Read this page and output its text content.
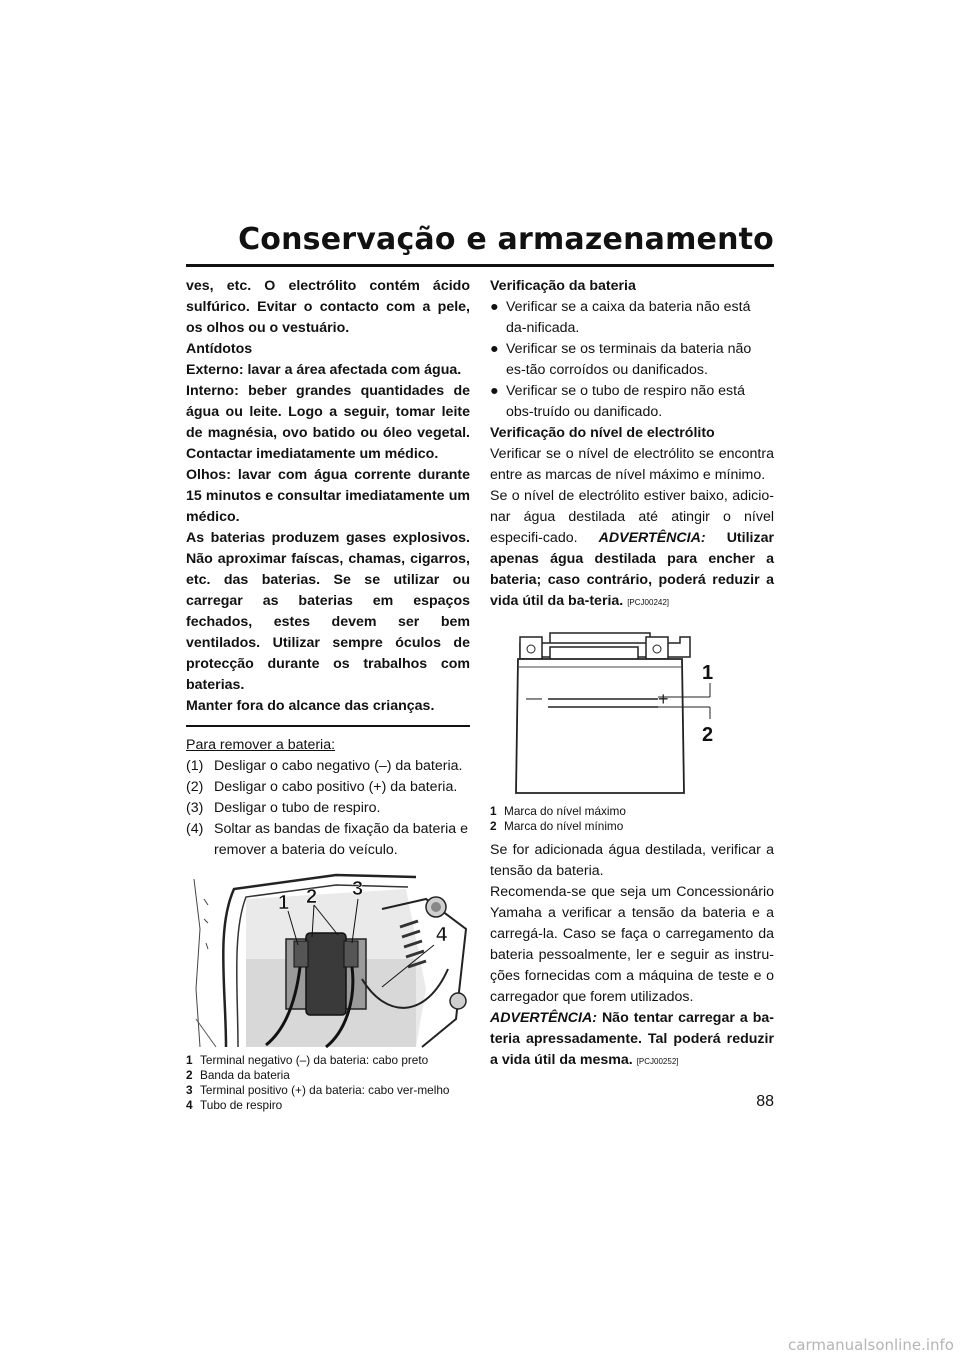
Conservação e armazenamento
88

ves, etc. O electrólito contém ácido sulfúrico. Evitar o contacto com a pele, os olhos ou o vestuário.

Antídotos

Externo: lavar a área afectada com água.

Interno: beber grandes quantidades de água ou leite. Logo a seguir, tomar leite de magnésia, ovo batido ou óleo vegetal. Contactar imediatamente um médico.

Olhos: lavar com água corrente durante 15 minutos e consultar imediatamente um médico.

As baterias produzem gases explosivos. Não aproximar faíscas, chamas, cigarros, etc. das baterias. Se se utilizar ou carregar as baterias em espaços fechados, estes devem ser bem ventilados. Utilizar sempre óculos de protecção durante os trabalhos com baterias.

Manter fora do alcance das crianças.

Para remover a bateria:

(1) Desligar o cabo negativo (–) da bateria.
(2) Desligar o cabo positivo (+) da bateria.
(3) Desligar o tubo de respiro.
(4) Soltar as bandas de fixação da bateria e remover a bateria do veículo.
1 2 3
4
1 Terminal negativo (–) da bateria: cabo preto
2 Banda da bateria
3 Terminal positivo (+) da bateria: cabo ver-melho
4 Tubo de respiro

Verificação da bateria

● Verificar se a caixa da bateria não está da-nificada.
● Verificar se os terminais da bateria não es-tão corroídos ou danificados.
● Verificar se o tubo de respiro não está obs-truído ou danificado.

Verificação do nível de electrólito

Verificar se o nível de electrólito se encontra entre as marcas de nível máximo e mínimo.

Se o nível de electrólito estiver baixo, adicio-nar água destilada até atingir o nível especifi-cado. ADVERTÊNCIA: Utilizar apenas água destilada para encher a bateria; caso contrário, poderá reduzir a vida útil da ba-teria. [PCJ00242]

—	+
1
2
1 Marca do nível máximo
2 Marca do nível mínimo

Se for adicionada água destilada, verificar a tensão da bateria.

Recomenda-se que seja um Concessionário Yamaha a verificar a tensão da bateria e a carregá-la. Caso se faça o carregamento da bateria pessoalmente, ler e seguir as instru-ções fornecidas com a máquina de teste e o carregador que forem utilizados.

ADVERTÊNCIA: Não tentar carregar a ba-teria apressadamente. Tal poderá reduzir a vida útil da mesma. [PCJ00252]

carmanualsonline.info
